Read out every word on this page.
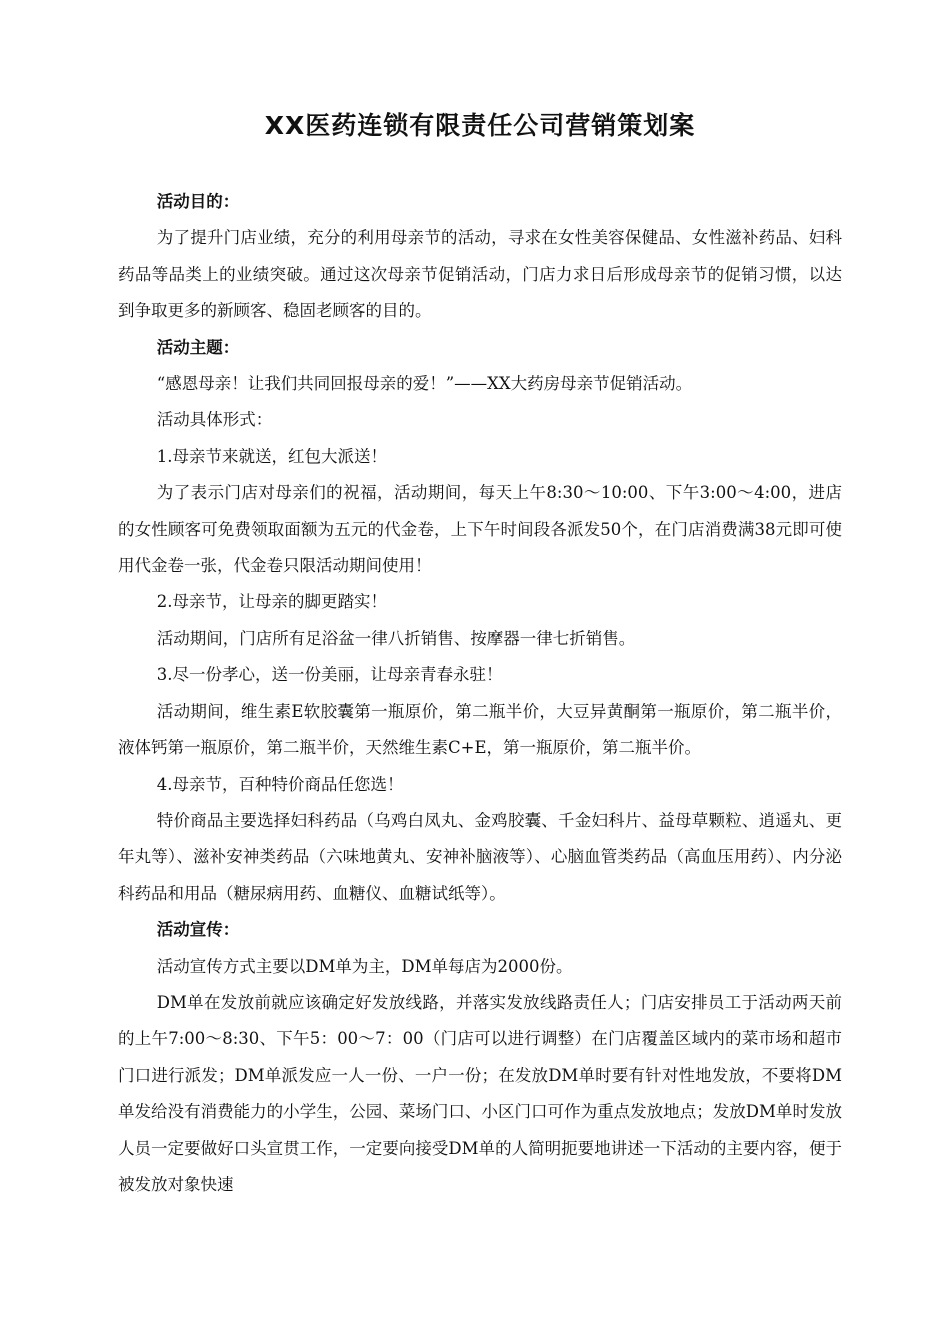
XX医药连锁有限责任公司营销策划案

活动目的：

为了提升门店业绩，充分的利用母亲节的活动，寻求在女性美容保健品、女性滋补药品、妇科药品等品类上的业绩突破。通过这次母亲节促销活动，门店力求日后形成母亲节的促销习惯，以达到争取更多的新顾客、稳固老顾客的目的。

活动主题：

“感恩母亲！让我们共同回报母亲的爱！”——XX大药房母亲节促销活动。

活动具体形式：

1.母亲节来就送，红包大派送！

为了表示门店对母亲们的祝福，活动期间，每天上午8:30～10:00、下午3:00～4:00，进店的女性顾客可免费领取面额为五元的代金卷，上下午时间段各派发50个，在门店消费满38元即可使用代金卷一张，代金卷只限活动期间使用！

2.母亲节，让母亲的脚更踏实！

活动期间，门店所有足浴盆一律八折销售、按摩器一律七折销售。

3.尽一份孝心，送一份美丽，让母亲青春永驻！

活动期间，维生素E软胶囊第一瓶原价，第二瓶半价，大豆异黄酮第一瓶原价，第二瓶半价，液体钙第一瓶原价，第二瓶半价，天然维生素C+E，第一瓶原价，第二瓶半价。

4.母亲节，百种特价商品任您选！

特价商品主要选择妇科药品（乌鸡白凤丸、金鸡胶囊、千金妇科片、益母草颗粒、逍遥丸、更年丸等）、滋补安神类药品（六味地黄丸、安神补脑液等）、心脑血管类药品（高血压用药）、内分泌科药品和用品（糖尿病用药、血糖仪、血糖试纸等）。

活动宣传：

活动宣传方式主要以DM单为主，DM单每店为2000份。

DM单在发放前就应该确定好发放线路，并落实发放线路责任人；门店安排员工于活动两天前的上午7:00～8:30、下午5：00～7：00（门店可以进行调整）在门店覆盖区域内的菜市场和超市门口进行派发；DM单派发应一人一份、一户一份；在发放DM单时要有针对性地发放，不要将DM单发给没有消费能力的小学生，公园、菜场门口、小区门口可作为重点发放地点；发放DM单时发放人员一定要做好口头宣贯工作，一定要向接受DM单的人简明扼要地讲述一下活动的主要内容，便于被发放对象快速
